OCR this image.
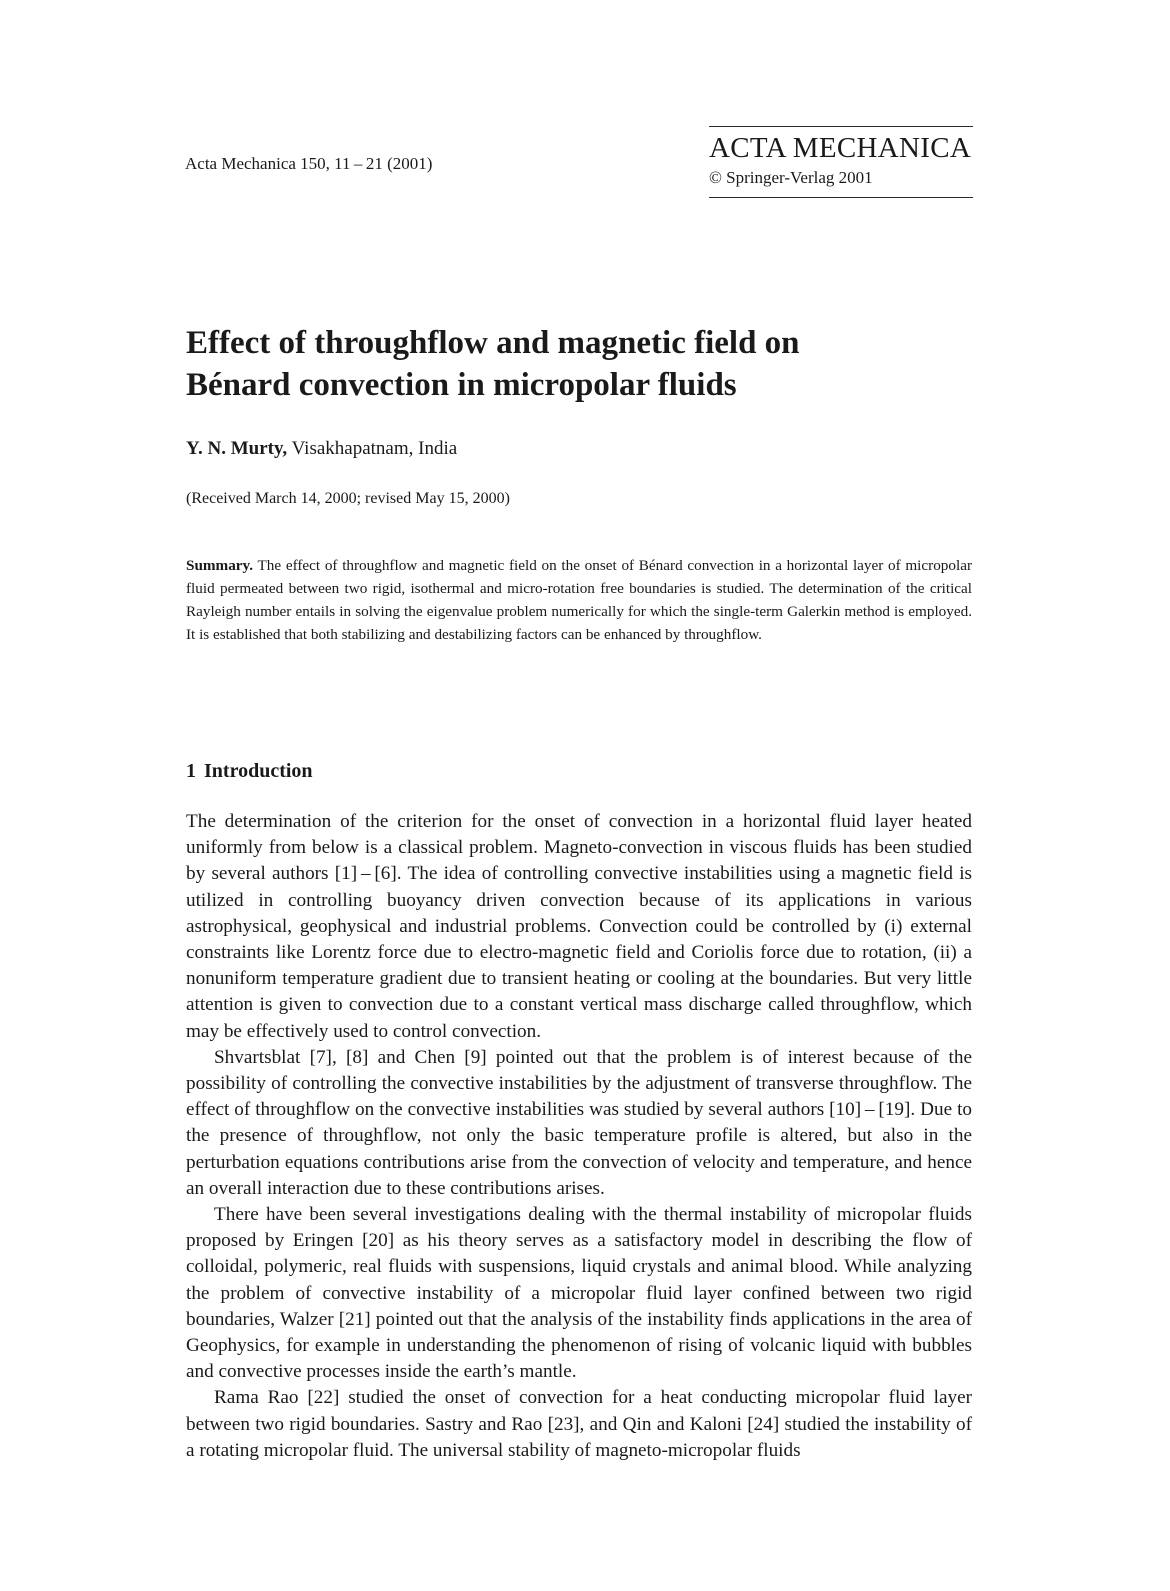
Acta Mechanica 150, 11 – 21 (2001)	ACTA MECHANICA
© Springer-Verlag 2001
Effect of throughflow and magnetic field on
Bénard convection in micropolar fluids
Y. N. Murty, Visakhapatnam, India
(Received March 14, 2000; revised May 15, 2000)

Summary. The effect of throughflow and magnetic field on the onset of Bénard convection in a horizontal layer of micropolar fluid permeated between two rigid, isothermal and micro-rotation free boundaries is studied. The determination of the critical Rayleigh number entails in solving the eigenvalue problem numerically for which the single-term Galerkin method is employed. It is established that both stabilizing and destabilizing factors can be enhanced by throughflow.

1 Introduction

The determination of the criterion for the onset of convection in a horizontal fluid layer heated uniformly from below is a classical problem. Magneto-convection in viscous fluids has been studied by several authors [1] – [6]. The idea of controlling convective instabilities using a magnetic field is utilized in controlling buoyancy driven convection because of its applications in various astrophysical, geophysical and industrial problems. Convection could be controlled by (i) external constraints like Lorentz force due to electro-magnetic field and Coriolis force due to rotation, (ii) a nonuniform temperature gradient due to transient heating or cooling at the boundaries. But very little attention is given to convection due to a constant vertical mass discharge called throughflow, which may be effectively used to control convection.

Shvartsblat [7], [8] and Chen [9] pointed out that the problem is of interest because of the possibility of controlling the convective instabilities by the adjustment of transverse throughflow. The effect of throughflow on the convective instabilities was studied by several authors [10] – [19]. Due to the presence of throughflow, not only the basic temperature profile is altered, but also in the perturbation equations contributions arise from the convection of velocity and temperature, and hence an overall interaction due to these contributions arises.

There have been several investigations dealing with the thermal instability of micropolar fluids proposed by Eringen [20] as his theory serves as a satisfactory model in describing the flow of colloidal, polymeric, real fluids with suspensions, liquid crystals and animal blood. While analyzing the problem of convective instability of a micropolar fluid layer confined between two rigid boundaries, Walzer [21] pointed out that the analysis of the instability finds applications in the area of Geophysics, for example in understanding the phenomenon of rising of volcanic liquid with bubbles and convective processes inside the earth’s mantle.

Rama Rao [22] studied the onset of convection for a heat conducting micropolar fluid layer between two rigid boundaries. Sastry and Rao [23], and Qin and Kaloni [24] studied the instability of a rotating micropolar fluid. The universal stability of magneto-micropolar fluids
